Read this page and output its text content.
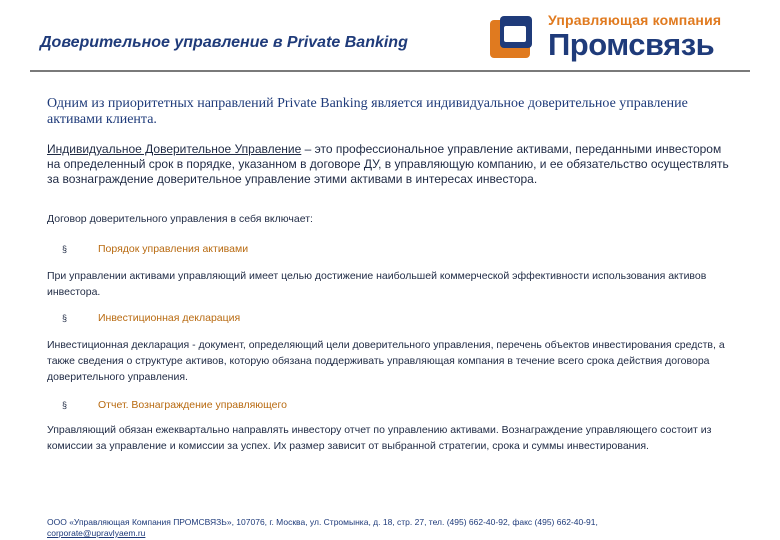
Доверительное управление в Private Banking
Управляющая компания
Промсвязь
Одним из приоритетных направлений Private Banking является индивидуальное доверительное управление активами клиента.
Индивидуальное Доверительное Управление – это профессиональное управление активами, переданными инвестором на определенный срок в порядке, указанном в договоре ДУ, в управляющую компанию, и ее обязательство осуществлять за вознаграждение доверительное управление этими активами в интересах инвестора.
Договор доверительного управления в себя включает:
§	Порядок управления активами
При управлении активами управляющий имеет целью достижение наибольшей коммерческой эффективности использования активов инвестора.
§	Инвестиционная декларация
Инвестиционная декларация - документ, определяющий цели доверительного управления, перечень объектов инвестирования средств, а также сведения о структуре активов, которую обязана поддерживать управляющая компания в течение всего срока действия договора доверительного управления.
§	Отчет. Вознаграждение управляющего
Управляющий обязан ежеквартально направлять инвестору отчет по управлению активами. Вознаграждение управляющего состоит из комиссии за управление и комиссии за успех. Их размер зависит от выбранной стратегии, срока и суммы инвестирования.
ООО «Управляющая Компания ПРОМСВЯЗЬ», 107076, г. Москва, ул. Стромынка, д. 18, стр. 27, тел. (495) 662-40-92, факс (495) 662-40-91,
corporate@upravlyaem.ru
